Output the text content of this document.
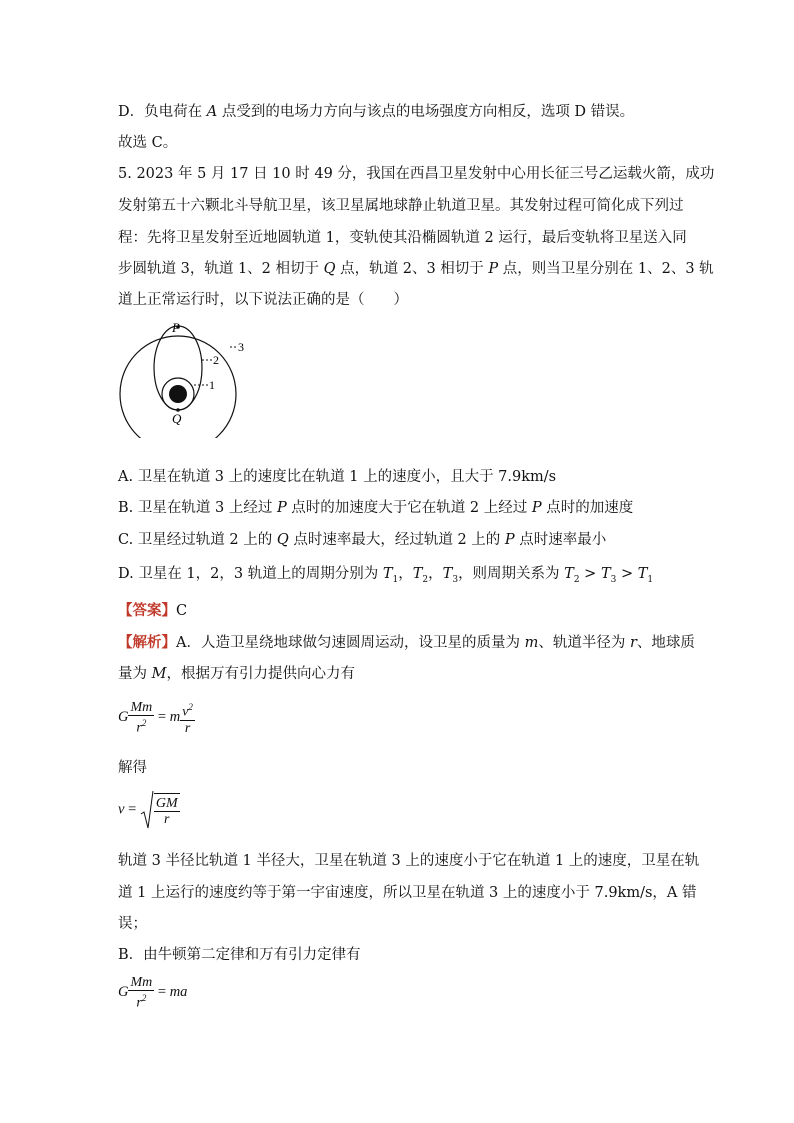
D．负电荷在 A 点受到的电场力方向与该点的电场强度方向相反，选项 D 错误。
故选 C。
5. 2023 年 5 月 17 日 10 时 49 分，我国在西昌卫星发射中心用长征三号乙运载火箭，成功
发射第五十六颗北斗导航卫星，该卫星属地球静止轨道卫星。其发射过程可简化成下列过
程：先将卫星发射至近地圆轨道 1，变轨使其沿椭圆轨道 2 运行，最后变轨将卫星送入同
步圆轨道 3，轨道 1、2 相切于 Q 点，轨道 2、3 相切于 P 点，则当卫星分别在 1、2、3 轨
道上正常运行时，以下说法正确的是（　　）
P
Q
3
2
1
A. 卫星在轨道 3 上的速度比在轨道 1 上的速度小，且大于 7.9km/s
B. 卫星在轨道 3 上经过 P 点时的加速度大于它在轨道 2 上经过 P 点时的加速度
C. 卫星经过轨道 2 上的 Q 点时速率最大，经过轨道 2 上的 P 点时速率最小
D. 卫星在 1，2，3 轨道上的周期分别为 $T_1$，$T_2$，$T_3$，则周期关系为 $T_2 > T_3 > T_1$
【答案】C
【解析】A．人造卫星绕地球做匀速圆周运动，设卫星的质量为 m、轨道半径为 r、地球质
量为 M，根据万有引力提供向心力有
G $\frac{Mm}{r^2} = m \frac{v^2}{r}$
解得
$v = \frac{GM}{r}$
轨道 3 半径比轨道 1 半径大，卫星在轨道 3 上的速度小于它在轨道 1 上的速度，卫星在轨
道 1 上运行的速度约等于第一宇宙速度，所以卫星在轨道 3 上的速度小于 7.9km/s，A 错
误；
B．由牛顿第二定律和万有引力定律有
G $\frac{Mm}{r^2}$ = ma
